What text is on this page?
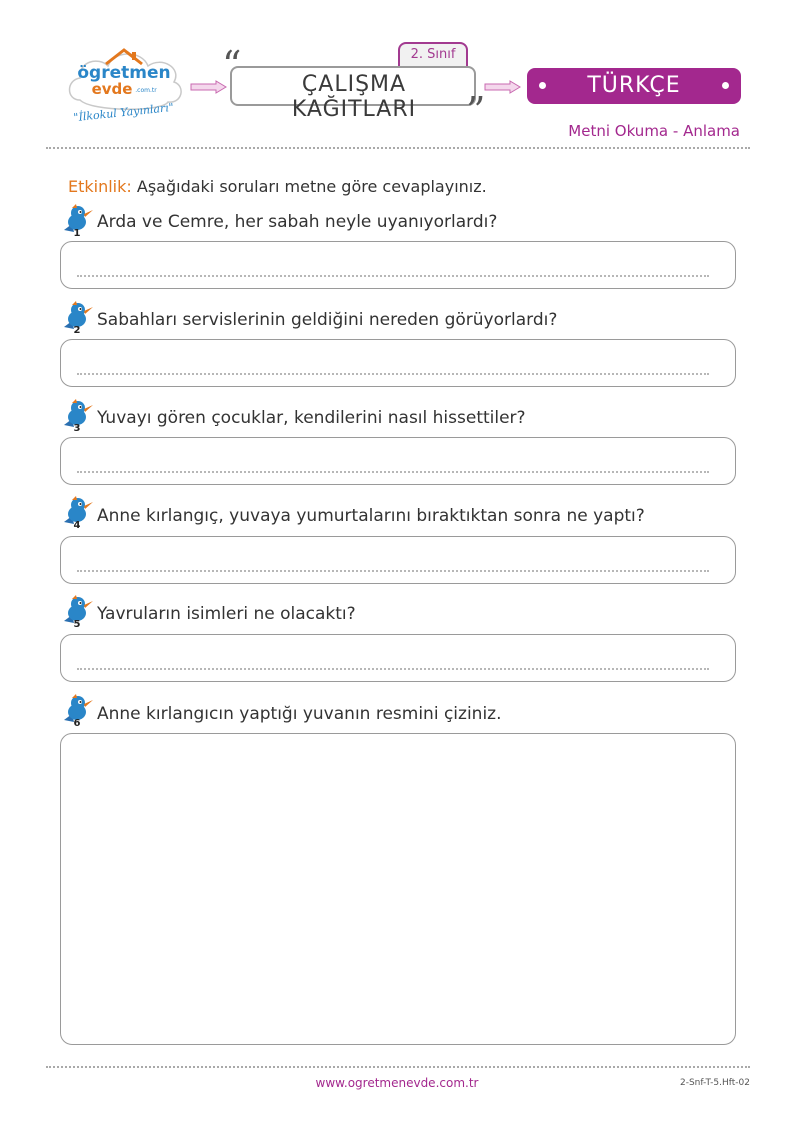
ögretmen
evde .com.tr
"İlkokul Yayınları"
2. Sınıf
“
”
ÇALIŞMA KAĞITLARI
TÜRKÇE
Metni Okuma - Anlama
Etkinlik: Aşağıdaki soruları metne göre cevaplayınız.
1
Arda ve Cemre, her sabah neyle uyanıyorlardı?
2
Sabahları servislerinin geldiğini nereden görüyorlardı?
3
Yuvayı gören çocuklar, kendilerini nasıl hissettiler?
4 Anne kırlangıç, yuvaya yumurtalarını bıraktıktan sonra ne yaptı?
5
Yavruların isimleri ne olacaktı?
6 Anne kırlangıcın yaptığı yuvanın resmini çiziniz.
www.ogretmenevde.com.tr	2-Snf-T-5.Hft-02
